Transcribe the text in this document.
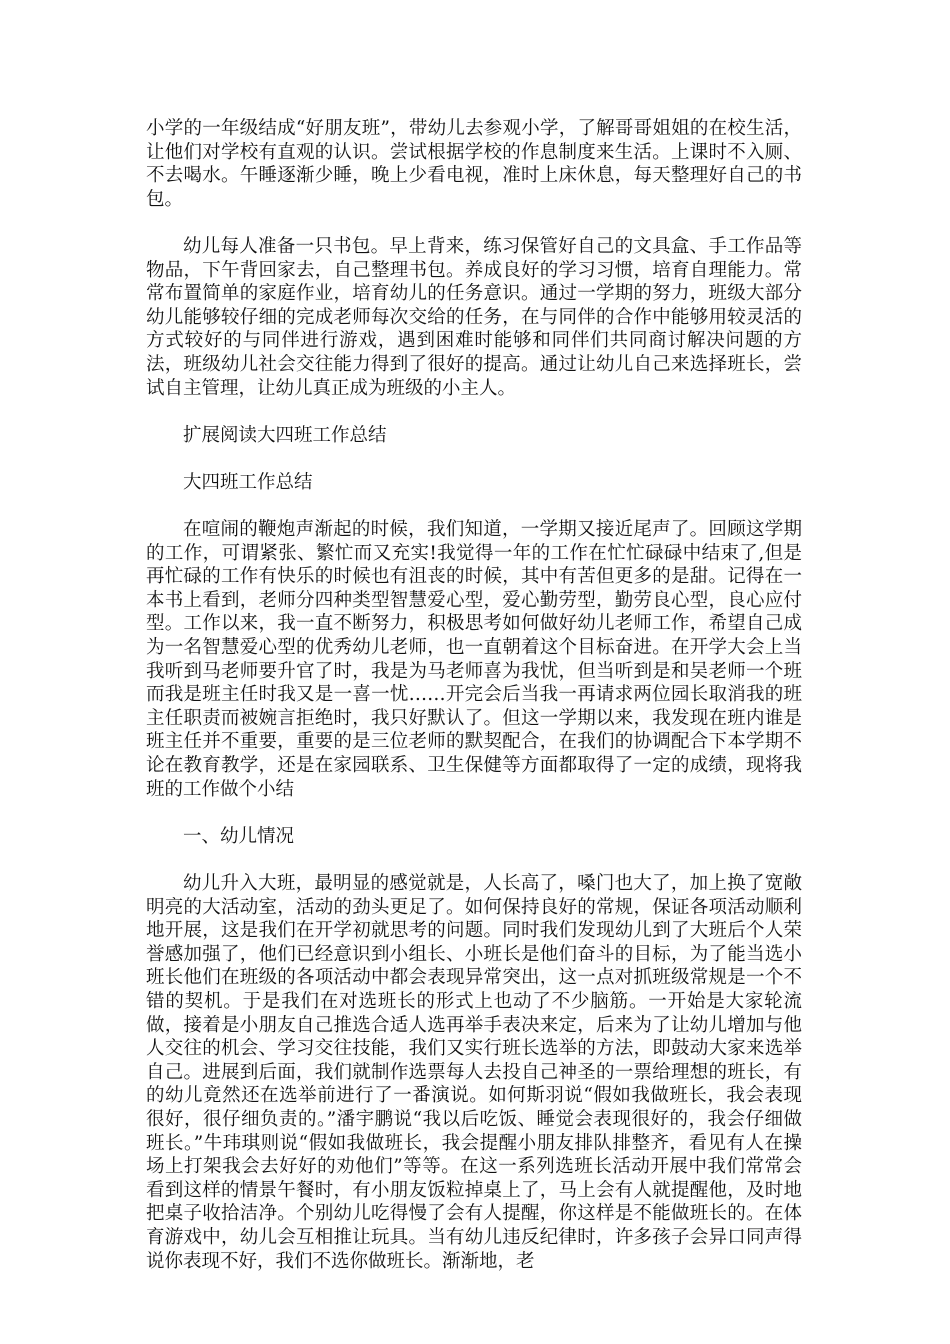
小学的一年级结成“好朋友班”，带幼儿去参观小学，了解哥哥姐姐的在校生活，让他们对学校有直观的认识。尝试根据学校的作息制度来生活。上课时不入厕、不去喝水。午睡逐渐少睡，晚上少看电视，准时上床休息，每天整理好自己的书包。

幼儿每人准备一只书包。早上背来，练习保管好自己的文具盒、手工作品等物品，下午背回家去，自己整理书包。养成良好的学习习惯，培育自理能力。常常布置简单的家庭作业，培育幼儿的任务意识。通过一学期的努力，班级大部分幼儿能够较仔细的完成老师每次交给的任务，在与同伴的合作中能够用较灵活的方式较好的与同伴进行游戏，遇到困难时能够和同伴们共同商讨解决问题的方法，班级幼儿社会交往能力得到了很好的提高。通过让幼儿自己来选择班长，尝试自主管理，让幼儿真正成为班级的小主人。

扩展阅读大四班工作总结

大四班工作总结

在喧闹的鞭炮声渐起的时候，我们知道，一学期又接近尾声了。回顾这学期的工作，可谓紧张、繁忙而又充实!我觉得一年的工作在忙忙碌碌中结束了,但是再忙碌的工作有快乐的时候也有沮丧的时候，其中有苦但更多的是甜。记得在一本书上看到，老师分四种类型智慧爱心型，爱心勤劳型，勤劳良心型，良心应付型。工作以来，我一直不断努力，积极思考如何做好幼儿老师工作，希望自己成为一名智慧爱心型的优秀幼儿老师，也一直朝着这个目标奋进。在开学大会上当我听到马老师要升官了时，我是为马老师喜为我忧，但当听到是和吴老师一个班而我是班主任时我又是一喜一忧……开完会后当我一再请求两位园长取消我的班主任职责而被婉言拒绝时，我只好默认了。但这一学期以来，我发现在班内谁是班主任并不重要，重要的是三位老师的默契配合，在我们的协调配合下本学期不论在教育教学，还是在家园联系、卫生保健等方面都取得了一定的成绩，现将我班的工作做个小结

一、幼儿情况

幼儿升入大班，最明显的感觉就是，人长高了，嗓门也大了，加上换了宽敞明亮的大活动室，活动的劲头更足了。如何保持良好的常规，保证各项活动顺利地开展，这是我们在开学初就思考的问题。同时我们发现幼儿到了大班后个人荣誉感加强了，他们已经意识到小组长、小班长是他们奋斗的目标，为了能当选小班长他们在班级的各项活动中都会表现异常突出，这一点对抓班级常规是一个不错的契机。于是我们在对选班长的形式上也动了不少脑筋。一开始是大家轮流做，接着是小朋友自己推选合适人选再举手表决来定，后来为了让幼儿增加与他人交往的机会、学习交往技能，我们又实行班长选举的方法，即鼓动大家来选举自己。进展到后面，我们就制作选票每人去投自己神圣的一票给理想的班长，有的幼儿竟然还在选举前进行了一番演说。如何斯羽说“假如我做班长，我会表现很好，很仔细负责的。”潘宇鹏说“我以后吃饭、睡觉会表现很好的，我会仔细做班长。”牛玮琪则说“假如我做班长，我会提醒小朋友排队排整齐，看见有人在操场上打架我会去好好的劝他们”等等。在这一系列选班长活动开展中我们常常会看到这样的情景午餐时，有小朋友饭粒掉桌上了，马上会有人就提醒他，及时地把桌子收拾洁净。个别幼儿吃得慢了会有人提醒，你这样是不能做班长的。在体育游戏中，幼儿会互相推让玩具。当有幼儿违反纪律时，许多孩子会异口同声得说你表现不好，我们不选你做班长。渐渐地，老
